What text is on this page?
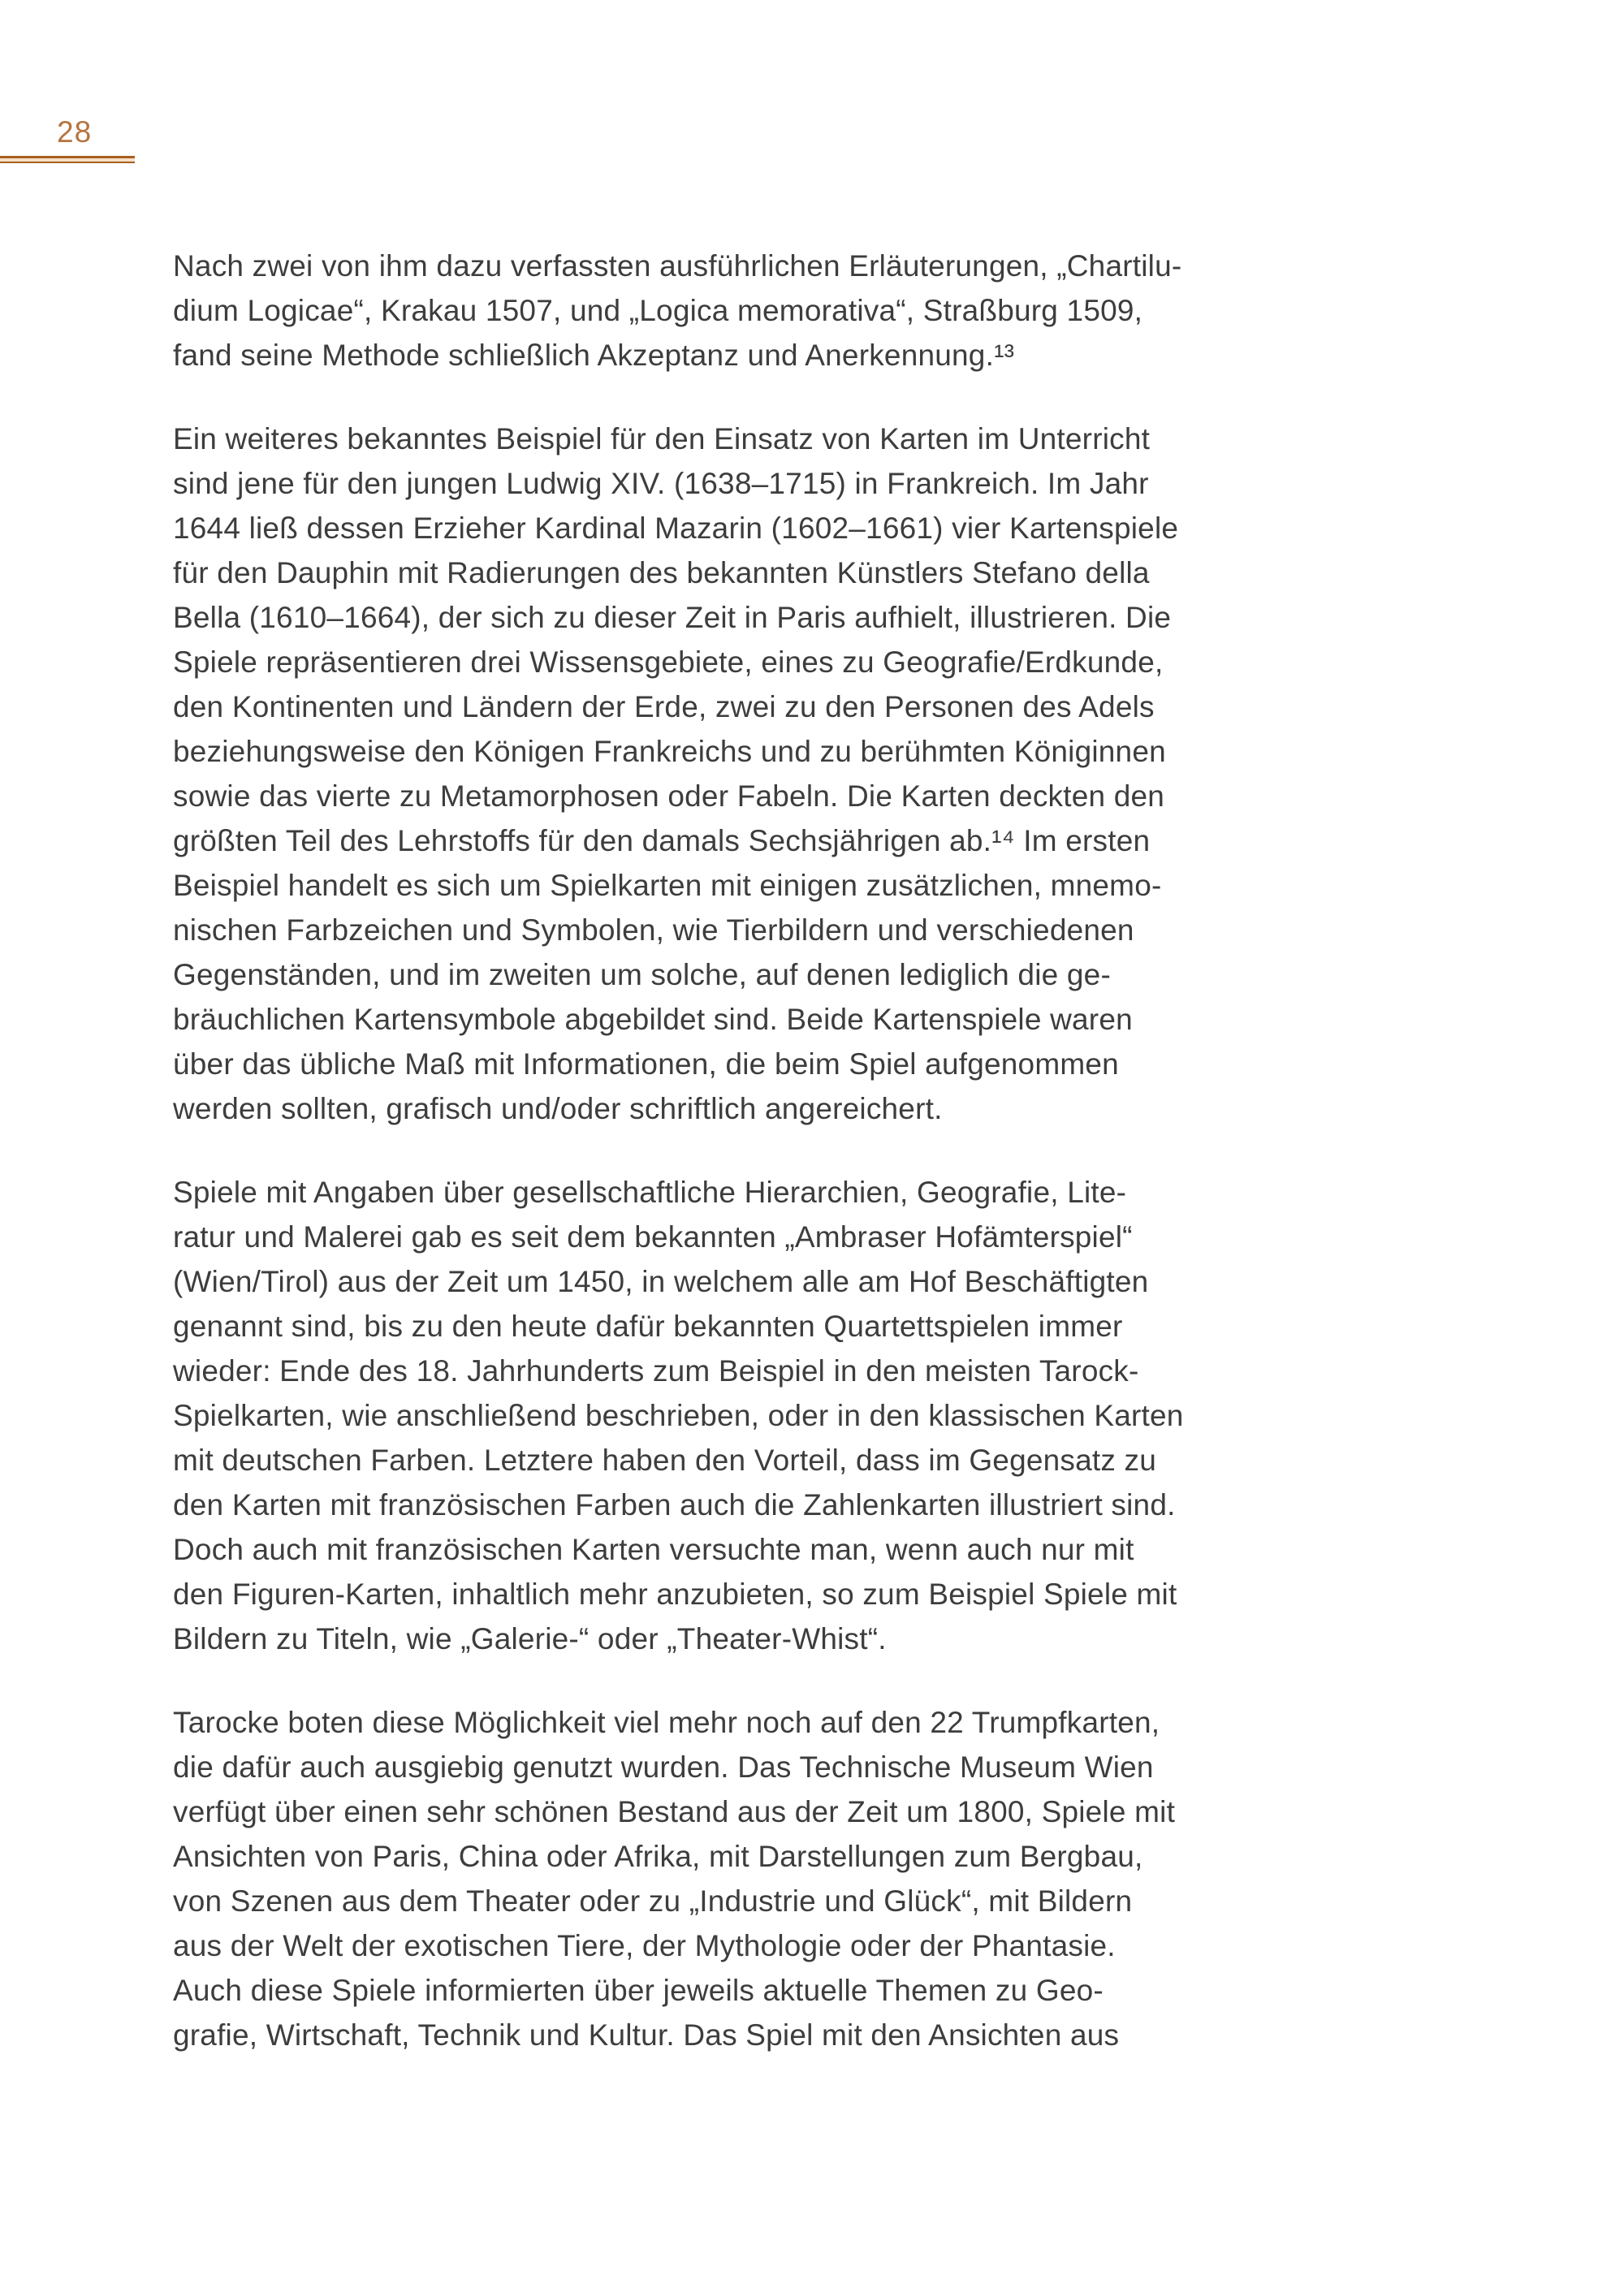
28
Nach zwei von ihm dazu verfassten ausführlichen Erläuterungen, „Chartilu-
dium Logicae“, Krakau 1507, und „Logica memorativa“, Straßburg 1509,
fand seine Methode schließlich Akzeptanz und Anerkennung.¹³
Ein weiteres bekanntes Beispiel für den Einsatz von Karten im Unterricht
sind jene für den jungen Ludwig XIV. (1638–1715) in Frankreich. Im Jahr
1644 ließ dessen Erzieher Kardinal Mazarin (1602–1661) vier Kartenspiele
für den Dauphin mit Radierungen des bekannten Künstlers Stefano della
Bella (1610–1664), der sich zu dieser Zeit in Paris aufhielt, illustrieren. Die
Spiele repräsentieren drei Wissensgebiete, eines zu Geografie/Erdkunde,
den Kontinenten und Ländern der Erde, zwei zu den Personen des Adels
beziehungsweise den Königen Frankreichs und zu berühmten Königinnen
sowie das vierte zu Metamorphosen oder Fabeln. Die Karten deckten den
größten Teil des Lehrstoffs für den damals Sechsjährigen ab.¹⁴ Im ersten
Beispiel handelt es sich um Spielkarten mit einigen zusätzlichen, mnemo-
nischen Farbzeichen und Symbolen, wie Tierbildern und verschiedenen
Gegenständen, und im zweiten um solche, auf denen lediglich die ge-
bräuchlichen Kartensymbole abgebildet sind. Beide Kartenspiele waren
über das übliche Maß mit Informationen, die beim Spiel aufgenommen
werden sollten, grafisch und/oder schriftlich angereichert.
Spiele mit Angaben über gesellschaftliche Hierarchien, Geografie, Lite-
ratur und Malerei gab es seit dem bekannten „Ambraser Hofämterspiel“
(Wien/Tirol) aus der Zeit um 1450, in welchem alle am Hof Beschäftigten
genannt sind, bis zu den heute dafür bekannten Quartettspielen immer
wieder: Ende des 18. Jahrhunderts zum Beispiel in den meisten Tarock-
Spielkarten, wie anschließend beschrieben, oder in den klassischen Karten
mit deutschen Farben. Letztere haben den Vorteil, dass im Gegensatz zu
den Karten mit französischen Farben auch die Zahlenkarten illustriert sind.
Doch auch mit französischen Karten versuchte man, wenn auch nur mit
den Figuren-Karten, inhaltlich mehr anzubieten, so zum Beispiel Spiele mit
Bildern zu Titeln, wie „Galerie-“ oder „Theater-Whist“.
Tarocke boten diese Möglichkeit viel mehr noch auf den 22 Trumpfkarten,
die dafür auch ausgiebig genutzt wurden. Das Technische Museum Wien
verfügt über einen sehr schönen Bestand aus der Zeit um 1800, Spiele mit
Ansichten von Paris, China oder Afrika, mit Darstellungen zum Bergbau,
von Szenen aus dem Theater oder zu „Industrie und Glück“, mit Bildern
aus der Welt der exotischen Tiere, der Mythologie oder der Phantasie.
Auch diese Spiele informierten über jeweils aktuelle Themen zu Geo-
grafie, Wirtschaft, Technik und Kultur. Das Spiel mit den Ansichten aus
